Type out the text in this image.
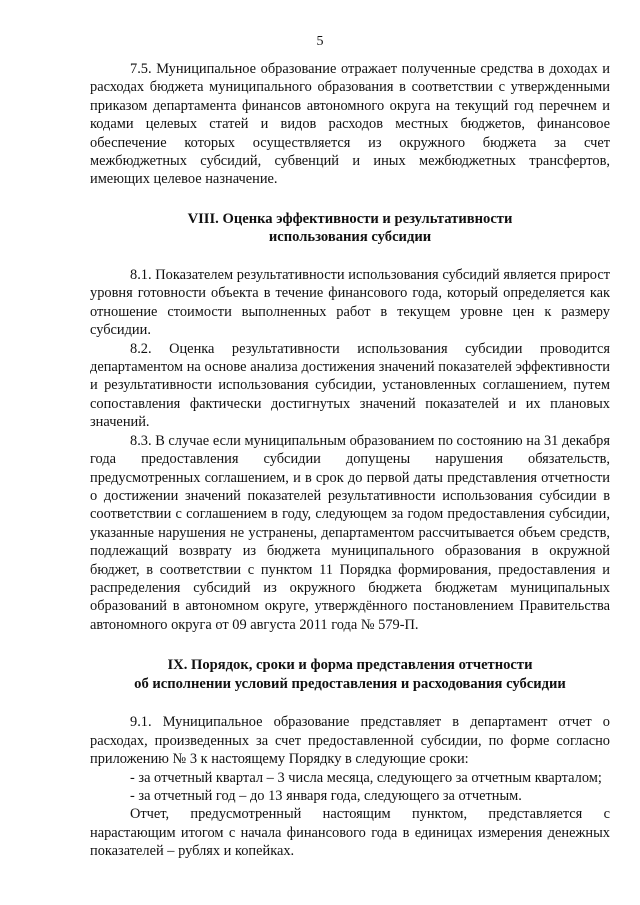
5

7.5. Муниципальное образование отражает полученные средства в доходах и расходах бюджета муниципального образования в соответствии с утвержденными приказом департамента финансов автономного округа на текущий год перечнем и кодами целевых статей и видов расходов местных бюджетов, финансовое обеспечение которых осуществляется из окружного бюджета за счет межбюджетных субсидий, субвенций и иных межбюджетных трансфертов, имеющих целевое назначение.

VIII. Оценка эффективности и результативности
использования субсидии

8.1. Показателем результативности использования субсидий является прирост уровня готовности объекта в течение финансового года, который определяется как отношение стоимости выполненных работ в текущем уровне цен к размеру субсидии.

8.2. Оценка результативности использования субсидии проводится департаментом на основе анализа достижения значений показателей эффективности и результативности использования субсидии, установленных соглашением, путем сопоставления фактически достигнутых значений показателей и их плановых значений.

8.3. В случае если муниципальным образованием по состоянию на 31 декабря года предоставления субсидии допущены нарушения обязательств, предусмотренных соглашением, и в срок до первой даты представления отчетности о достижении значений показателей результативности использования субсидии в соответствии с соглашением в году, следующем за годом предоставления субсидии, указанные нарушения не устранены, департаментом рассчитывается объем средств, подлежащий возврату из бюджета муниципального образования в окружной бюджет, в соответствии с пунктом 11 Порядка формирования, предоставления и распределения субсидий из окружного бюджета бюджетам муниципальных образований в автономном округе, утверждённого постановлением Правительства автономного округа от 09 августа 2011 года № 579-П.

IX. Порядок, сроки и форма представления отчетности
об исполнении условий предоставления и расходования субсидии

9.1. Муниципальное образование представляет в департамент отчет о расходах, произведенных за счет предоставленной субсидии, по форме согласно приложению № 3 к настоящему Порядку в следующие сроки:

- за отчетный квартал – 3 числа месяца, следующего за отчетным кварталом;

- за отчетный год – до 13 января года, следующего за отчетным.

Отчет, предусмотренный настоящим пунктом, представляется с нарастающим итогом с начала финансового года в единицах измерения денежных показателей – рублях и копейках.
